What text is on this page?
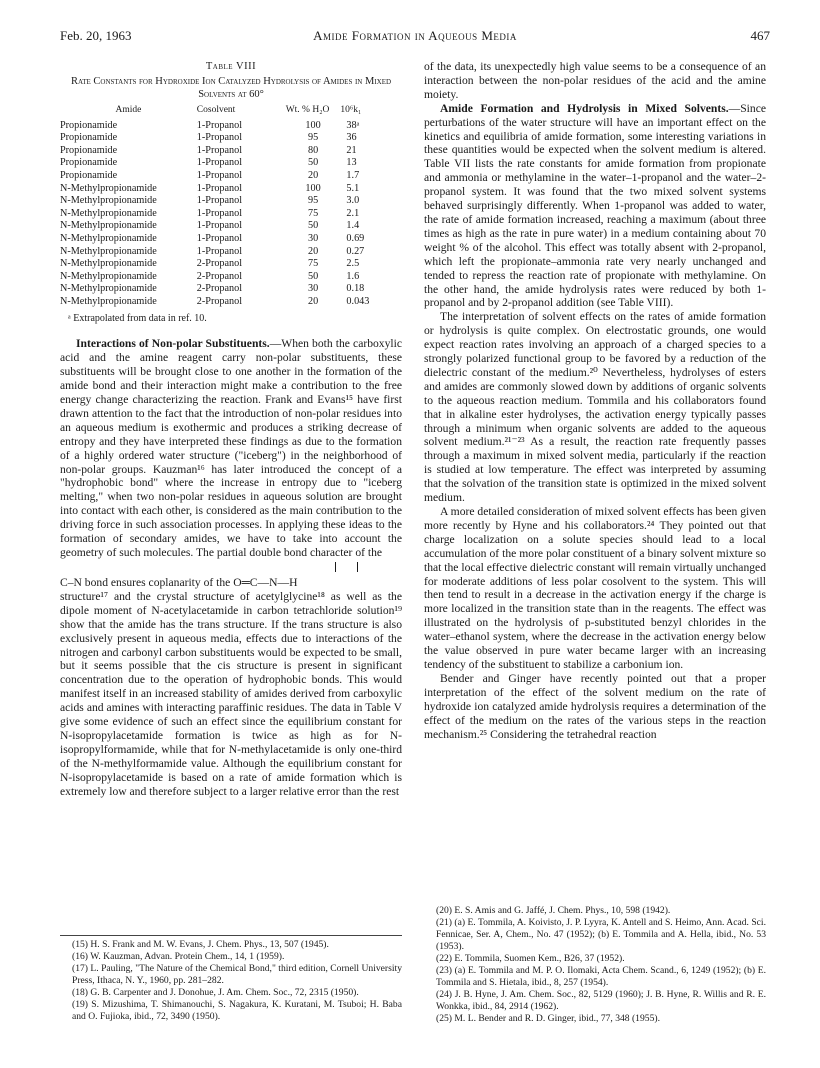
Feb. 20, 1963	Amide Formation in Aqueous Media	467
Table VIII
Rate Constants for Hydroxide Ion Catalyzed Hydrolysis of Amides in Mixed Solvents at 60°
Amide	Cosolvent	Wt. % H₂O	10⁶k₁
Propionamide	1-Propanol	100	38ᵃ
Propionamide	1-Propanol	95	36
Propionamide	1-Propanol	80	21
Propionamide	1-Propanol	50	13
Propionamide	1-Propanol	20	1.7
N-Methylpropionamide	1-Propanol	100	5.1
N-Methylpropionamide	1-Propanol	95	3.0
N-Methylpropionamide	1-Propanol	75	2.1
N-Methylpropionamide	1-Propanol	50	1.4
N-Methylpropionamide	1-Propanol	30	0.69
N-Methylpropionamide	1-Propanol	20	0.27
N-Methylpropionamide	2-Propanol	75	2.5
N-Methylpropionamide	2-Propanol	50	1.6
N-Methylpropionamide	2-Propanol	30	0.18
N-Methylpropionamide	2-Propanol	20	0.043
ᵃ Extrapolated from data in ref. 10.

Interactions of Non-polar Substituents.—When both the carboxylic acid and the amine reagent carry non-polar substituents, these substituents will be brought close to one another in the formation of the amide bond and their interaction might make a contribution to the free energy change characterizing the reaction. Frank and Evans¹⁵ have first drawn attention to the fact that the introduction of non-polar residues into an aqueous medium is exothermic and produces a striking decrease of entropy and they have interpreted these findings as due to the formation of a highly ordered water structure ("iceberg") in the neighborhood of non-polar groups. Kauzman¹⁶ has later introduced the concept of a "hydrophobic bond" where the increase in entropy due to "iceberg melting," when two non-polar residues in aqueous solution are brought into contact with each other, is considered as the main contribution to the driving force in such association processes. In applying these ideas to the formation of secondary amides, we have to take into account the geometry of such molecules. The partial double bond character of the

C–N bond ensures coplanarity of the O═C—N—H

structure¹⁷ and the crystal structure of acetylglycine¹⁸ as well as the dipole moment of N-acetylacetamide in carbon tetrachloride solution¹⁹ show that the amide has the trans structure. If the trans structure is also exclusively present in aqueous media, effects due to interactions of the nitrogen and carbonyl carbon substituents would be expected to be small, but it seems possible that the cis structure is present in significant concentration due to the operation of hydrophobic bonds. This would manifest itself in an increased stability of amides derived from carboxylic acids and amines with interacting paraffinic residues. The data in Table V give some evidence of such an effect since the equilibrium constant for N-isopropylacetamide formation is twice as high as for N-isopropylformamide, while that for N-methylacetamide is only one-third of the N-methylformamide value. Although the equilibrium constant for N-isopropylacetamide is based on a rate of amide formation which is extremely low and therefore subject to a larger relative error than the rest

of the data, its unexpectedly high value seems to be a consequence of an interaction between the non-polar residues of the acid and the amine moiety.

Amide Formation and Hydrolysis in Mixed Solvents.—Since perturbations of the water structure will have an important effect on the kinetics and equilibria of amide formation, some interesting variations in these quantities would be expected when the solvent medium is altered. Table VII lists the rate constants for amide formation from propionate and ammonia or methylamine in the water–1-propanol and the water–2-propanol system. It was found that the two mixed solvent systems behaved surprisingly differently. When 1-propanol was added to water, the rate of amide formation increased, reaching a maximum (about three times as high as the rate in pure water) in a medium containing about 70 weight % of the alcohol. This effect was totally absent with 2-propanol, which left the propionate–ammonia rate very nearly unchanged and tended to repress the reaction rate of propionate with methylamine. On the other hand, the amide hydrolysis rates were reduced by both 1-propanol and by 2-propanol addition (see Table VIII).

The interpretation of solvent effects on the rates of amide formation or hydrolysis is quite complex. On electrostatic grounds, one would expect reaction rates involving an approach of a charged species to a strongly polarized functional group to be favored by a reduction of the dielectric constant of the medium.²⁰ Nevertheless, hydrolyses of esters and amides are commonly slowed down by additions of organic solvents to the aqueous reaction medium. Tommila and his collaborators found that in alkaline ester hydrolyses, the activation energy typically passes through a minimum when organic solvents are added to the aqueous solvent medium.²¹⁻²³ As a result, the reaction rate frequently passes through a maximum in mixed solvent media, particularly if the reaction is studied at low temperature. The effect was interpreted by assuming that the solvation of the transition state is optimized in the mixed solvent medium.

A more detailed consideration of mixed solvent effects has been given more recently by Hyne and his collaborators.²⁴ They pointed out that charge localization on a solute species should lead to a local accumulation of the more polar constituent of a binary solvent mixture so that the local effective dielectric constant will remain virtually unchanged for moderate additions of less polar cosolvent to the system. This will then tend to result in a decrease in the activation energy if the charge is more localized in the transition state than in the reagents. The effect was illustrated on the hydrolysis of p-substituted benzyl chlorides in the water–ethanol system, where the decrease in the activation energy below the value observed in pure water became larger with an increasing tendency of the substituent to stabilize a carbonium ion.

Bender and Ginger have recently pointed out that a proper interpretation of the effect of the solvent medium on the rate of hydroxide ion catalyzed amide hydrolysis requires a determination of the effect of the medium on the rates of the various steps in the reaction mechanism.²⁵ Considering the tetrahedral reaction

(15) H. S. Frank and M. W. Evans, J. Chem. Phys., 13, 507 (1945).
(16) W. Kauzman, Advan. Protein Chem., 14, 1 (1959).
(17) L. Pauling, "The Nature of the Chemical Bond," third edition, Cornell University Press, Ithaca, N. Y., 1960, pp. 281–282.
(18) G. B. Carpenter and J. Donohue, J. Am. Chem. Soc., 72, 2315 (1950).
(19) S. Mizushima, T. Shimanouchi, S. Nagakura, K. Kuratani, M. Tsuboi; H. Baba and O. Fujioka, ibid., 72, 3490 (1950).
(20) E. S. Amis and G. Jaffé, J. Chem. Phys., 10, 598 (1942).
(21) (a) E. Tommila, A. Koivisto, J. P. Lyyra, K. Antell and S. Heimo, Ann. Acad. Sci. Fennicae, Ser. A, Chem., No. 47 (1952); (b) E. Tommila and A. Hella, ibid., No. 53 (1953).
(22) E. Tommila, Suomen Kem., B26, 37 (1952).
(23) (a) E. Tommila and M. P. O. Ilomaki, Acta Chem. Scand., 6, 1249 (1952); (b) E. Tommila and S. Hietala, ibid., 8, 257 (1954).
(24) J. B. Hyne, J. Am. Chem. Soc., 82, 5129 (1960); J. B. Hyne, R. Willis and R. E. Wonkka, ibid., 84, 2914 (1962).
(25) M. L. Bender and R. D. Ginger, ibid., 77, 348 (1955).
